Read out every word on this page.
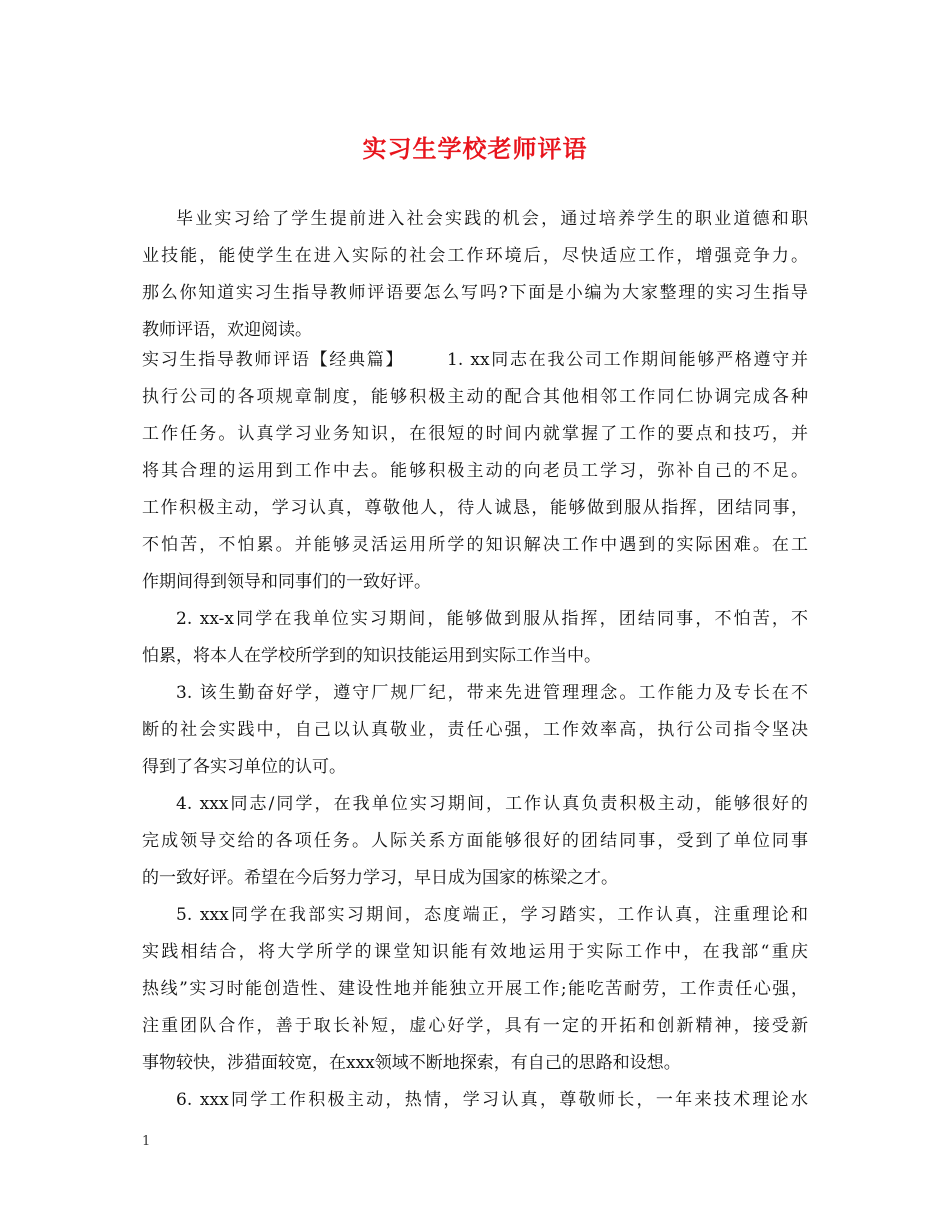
实习生学校老师评语
毕业实习给了学生提前进入社会实践的机会，通过培养学生的职业道德和职
业技能，能使学生在进入实际的社会工作环境后，尽快适应工作，增强竞争力。
那么你知道实习生指导教师评语要怎么写吗?下面是小编为大家整理的实习生指导
教师评语，欢迎阅读。
实习生指导教师评语【经典篇】      1. xx同志在我公司工作期间能够严格遵守并
执行公司的各项规章制度，能够积极主动的配合其他相邻工作同仁协调完成各种
工作任务。认真学习业务知识，在很短的时间内就掌握了工作的要点和技巧，并
将其合理的运用到工作中去。能够积极主动的向老员工学习，弥补自己的不足。
工作积极主动，学习认真，尊敬他人，待人诚恳，能够做到服从指挥，团结同事，
不怕苦，不怕累。并能够灵活运用所学的知识解决工作中遇到的实际困难。在工
作期间得到领导和同事们的一致好评。
2. xx-x同学在我单位实习期间，能够做到服从指挥，团结同事，不怕苦，不
怕累，将本人在学校所学到的知识技能运用到实际工作当中。
3. 该生勤奋好学，遵守厂规厂纪，带来先进管理理念。工作能力及专长在不
断的社会实践中，自己以认真敬业，责任心强，工作效率高，执行公司指令坚决
得到了各实习单位的认可。
4. xxx同志/同学，在我单位实习期间，工作认真负责积极主动，能够很好的
完成领导交给的各项任务。人际关系方面能够很好的团结同事，受到了单位同事
的一致好评。希望在今后努力学习，早日成为国家的栋梁之才。
5. xxx同学在我部实习期间，态度端正，学习踏实，工作认真，注重理论和
实践相结合，将大学所学的课堂知识能有效地运用于实际工作中，在我部“重庆
热线”实习时能创造性、建设性地并能独立开展工作;能吃苦耐劳，工作责任心强，
注重团队合作，善于取长补短，虚心好学，具有一定的开拓和创新精神，接受新
事物较快，涉猎面较宽，在xxx领域不断地探索，有自己的思路和设想。
6. xxx同学工作积极主动，热情，学习认真，尊敬师长，一年来技术理论水
1
